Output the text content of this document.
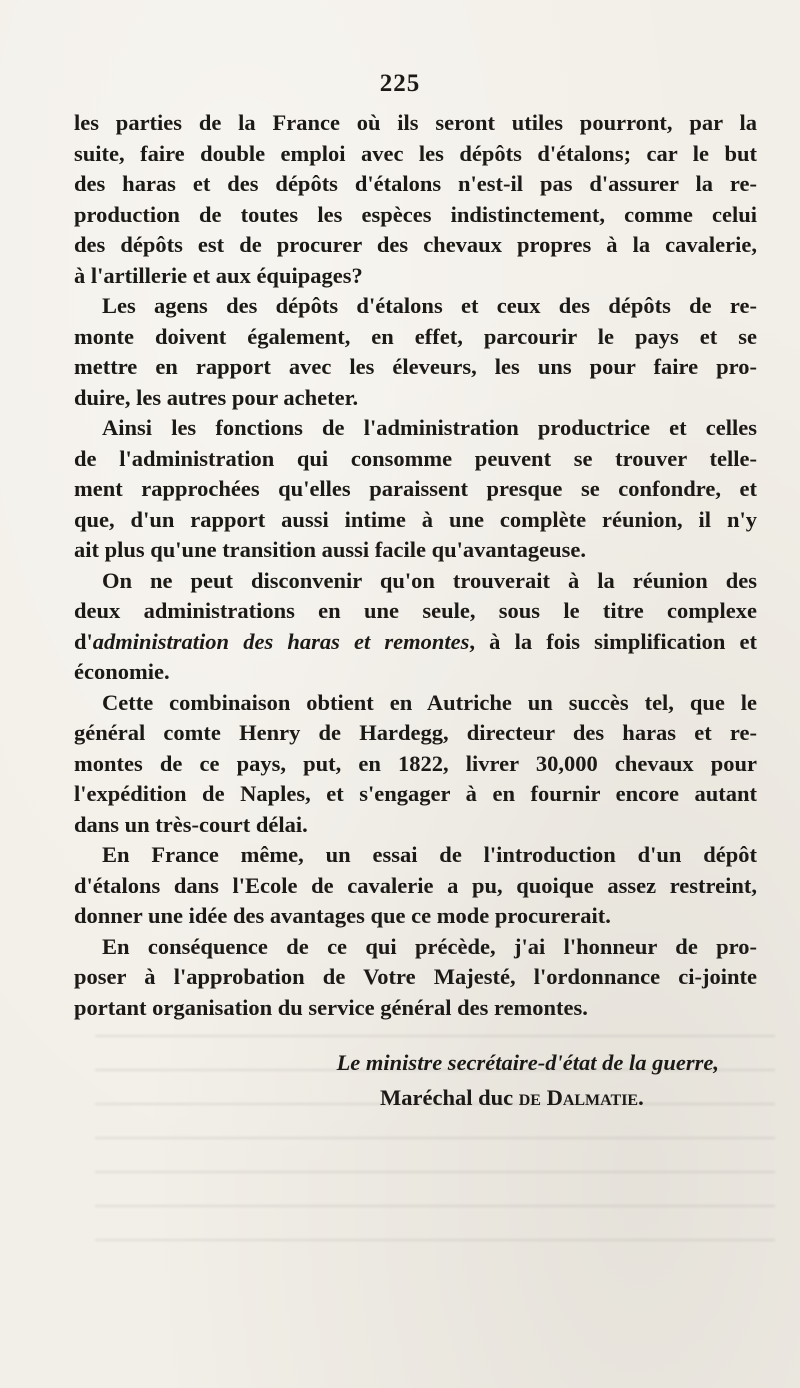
225
les parties de la France où ils seront utiles pourront, par la
suite, faire double emploi avec les dépôts d'étalons; car le but
des haras et des dépôts d'étalons n'est-il pas d'assurer la re-
production de toutes les espèces indistinctement, comme celui
des dépôts est de procurer des chevaux propres à la cavalerie,
à l'artillerie et aux équipages?
Les agens des dépôts d'étalons et ceux des dépôts de re-
monte doivent également, en effet, parcourir le pays et se
mettre en rapport avec les éleveurs, les uns pour faire pro-
duire, les autres pour acheter.
Ainsi les fonctions de l'administration productrice et celles
de l'administration qui consomme peuvent se trouver telle-
ment rapprochées qu'elles paraissent presque se confondre, et
que, d'un rapport aussi intime à une complète réunion, il n'y
ait plus qu'une transition aussi facile qu'avantageuse.
On ne peut disconvenir qu'on trouverait à la réunion des
deux administrations en une seule, sous le titre complexe
d'administration des haras et remontes, à la fois simplification et
économie.
Cette combinaison obtient en Autriche un succès tel, que le
général comte Henry de Hardegg, directeur des haras et re-
montes de ce pays, put, en 1822, livrer 30,000 chevaux pour
l'expédition de Naples, et s'engager à en fournir encore autant
dans un très-court délai.
En France même, un essai de l'introduction d'un dépôt
d'étalons dans l'Ecole de cavalerie a pu, quoique assez restreint,
donner une idée des avantages que ce mode procurerait.
En conséquence de ce qui précède, j'ai l'honneur de pro-
poser à l'approbation de Votre Majesté, l'ordonnance ci-jointe
portant organisation du service général des remontes.
Le ministre secrétaire-d'état de la guerre,
Maréchal duc de Dalmatie.
